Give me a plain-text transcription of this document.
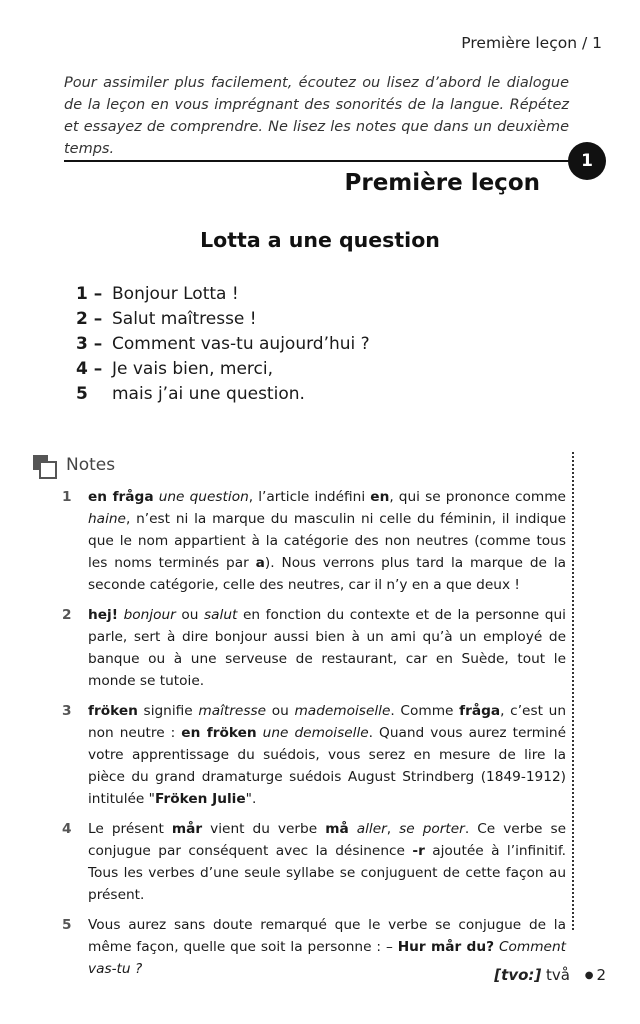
Première leçon / 1
Pour assimiler plus facilement, écoutez ou lisez d’abord le dialogue de la leçon en vous imprégnant des sonorités de la langue. Répétez et essayez de comprendre. Ne lisez les notes que dans un deuxième temps.
1
Première leçon
Lotta a une question
1 – Bonjour Lotta !
2 – Salut maîtresse !
3 – Comment vas-tu aujourd’hui ?
4 – Je vais bien, merci,
5	mais j’ai une question.
Notes
1	en fråga une question, l’article indéfini en, qui se prononce comme haine, n’est ni la marque du masculin ni celle du féminin, il indique que le nom appartient à la catégorie des non neutres (comme tous les noms terminés par a). Nous verrons plus tard la marque de la seconde catégorie, celle des neutres, car il n’y en a que deux !
2	hej! bonjour ou salut en fonction du contexte et de la personne qui parle, sert à dire bonjour aussi bien à un ami qu’à un employé de banque ou à une serveuse de restaurant, car en Suède, tout le monde se tutoie.
3	fröken signifie maîtresse ou mademoiselle. Comme fråga, c’est un non neutre : en fröken une demoiselle. Quand vous aurez terminé votre apprentissage du suédois, vous serez en mesure de lire la pièce du grand dramaturge suédois August Strindberg (1849-1912) intitulée "Fröken Julie".
4	Le présent mår vient du verbe må aller, se porter. Ce verbe se conjugue par conséquent avec la désinence -r ajoutée à l’infinitif. Tous les verbes d’une seule syllabe se conjuguent de cette façon au présent.
5	Vous aurez sans doute remarqué que le verbe se conjugue de la même façon, quelle que soit la personne : – Hur mår du? Comment vas-tu ?	[tvo:] två ● 2
